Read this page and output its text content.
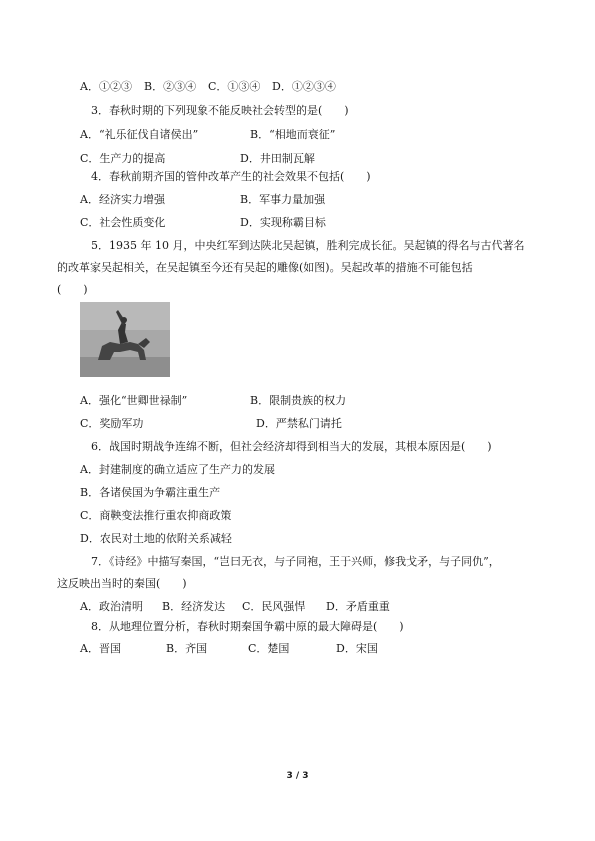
A．①②③ B．②③④ C．①③④ D．①②③④
3．春秋时期的下列现象不能反映社会转型的是(　　)
A．“礼乐征伐自诸侯出”	B．“相地而衰征”
C．生产力的提高	D．井田制瓦解
4．春秋前期齐国的管仲改革产生的社会效果不包括(　　)
A．经济实力增强	B．军事力量加强
C．社会性质变化	D．实现称霸目标
5．1935 年 10 月，中央红军到达陕北吴起镇，胜利完成长征。吴起镇的得名与古代著名
的改革家吴起相关，在吴起镇至今还有吴起的雕像(如图)。吴起改革的措施不可能包括
(　　)
A．强化“世卿世禄制”	B．限制贵族的权力
C．奖励军功	D．严禁私门请托
6．战国时期战争连绵不断，但社会经济却得到相当大的发展，其根本原因是(　　)
A．封建制度的确立适应了生产力的发展
B．各诸侯国为争霸注重生产
C．商鞅变法推行重农抑商政策
D．农民对土地的依附关系减轻
7．《诗经》中描写秦国，“岂曰无衣，与子同袍，王于兴师，修我戈矛，与子同仇”，
这反映出当时的秦国(　　)
A．政治清明 B．经济发达 C．民风强悍 D．矛盾重重
8．从地理位置分析，春秋时期秦国争霸中原的最大障碍是(　　)
A．晋国	B．齐国	C．楚国	D．宋国
3 / 3
